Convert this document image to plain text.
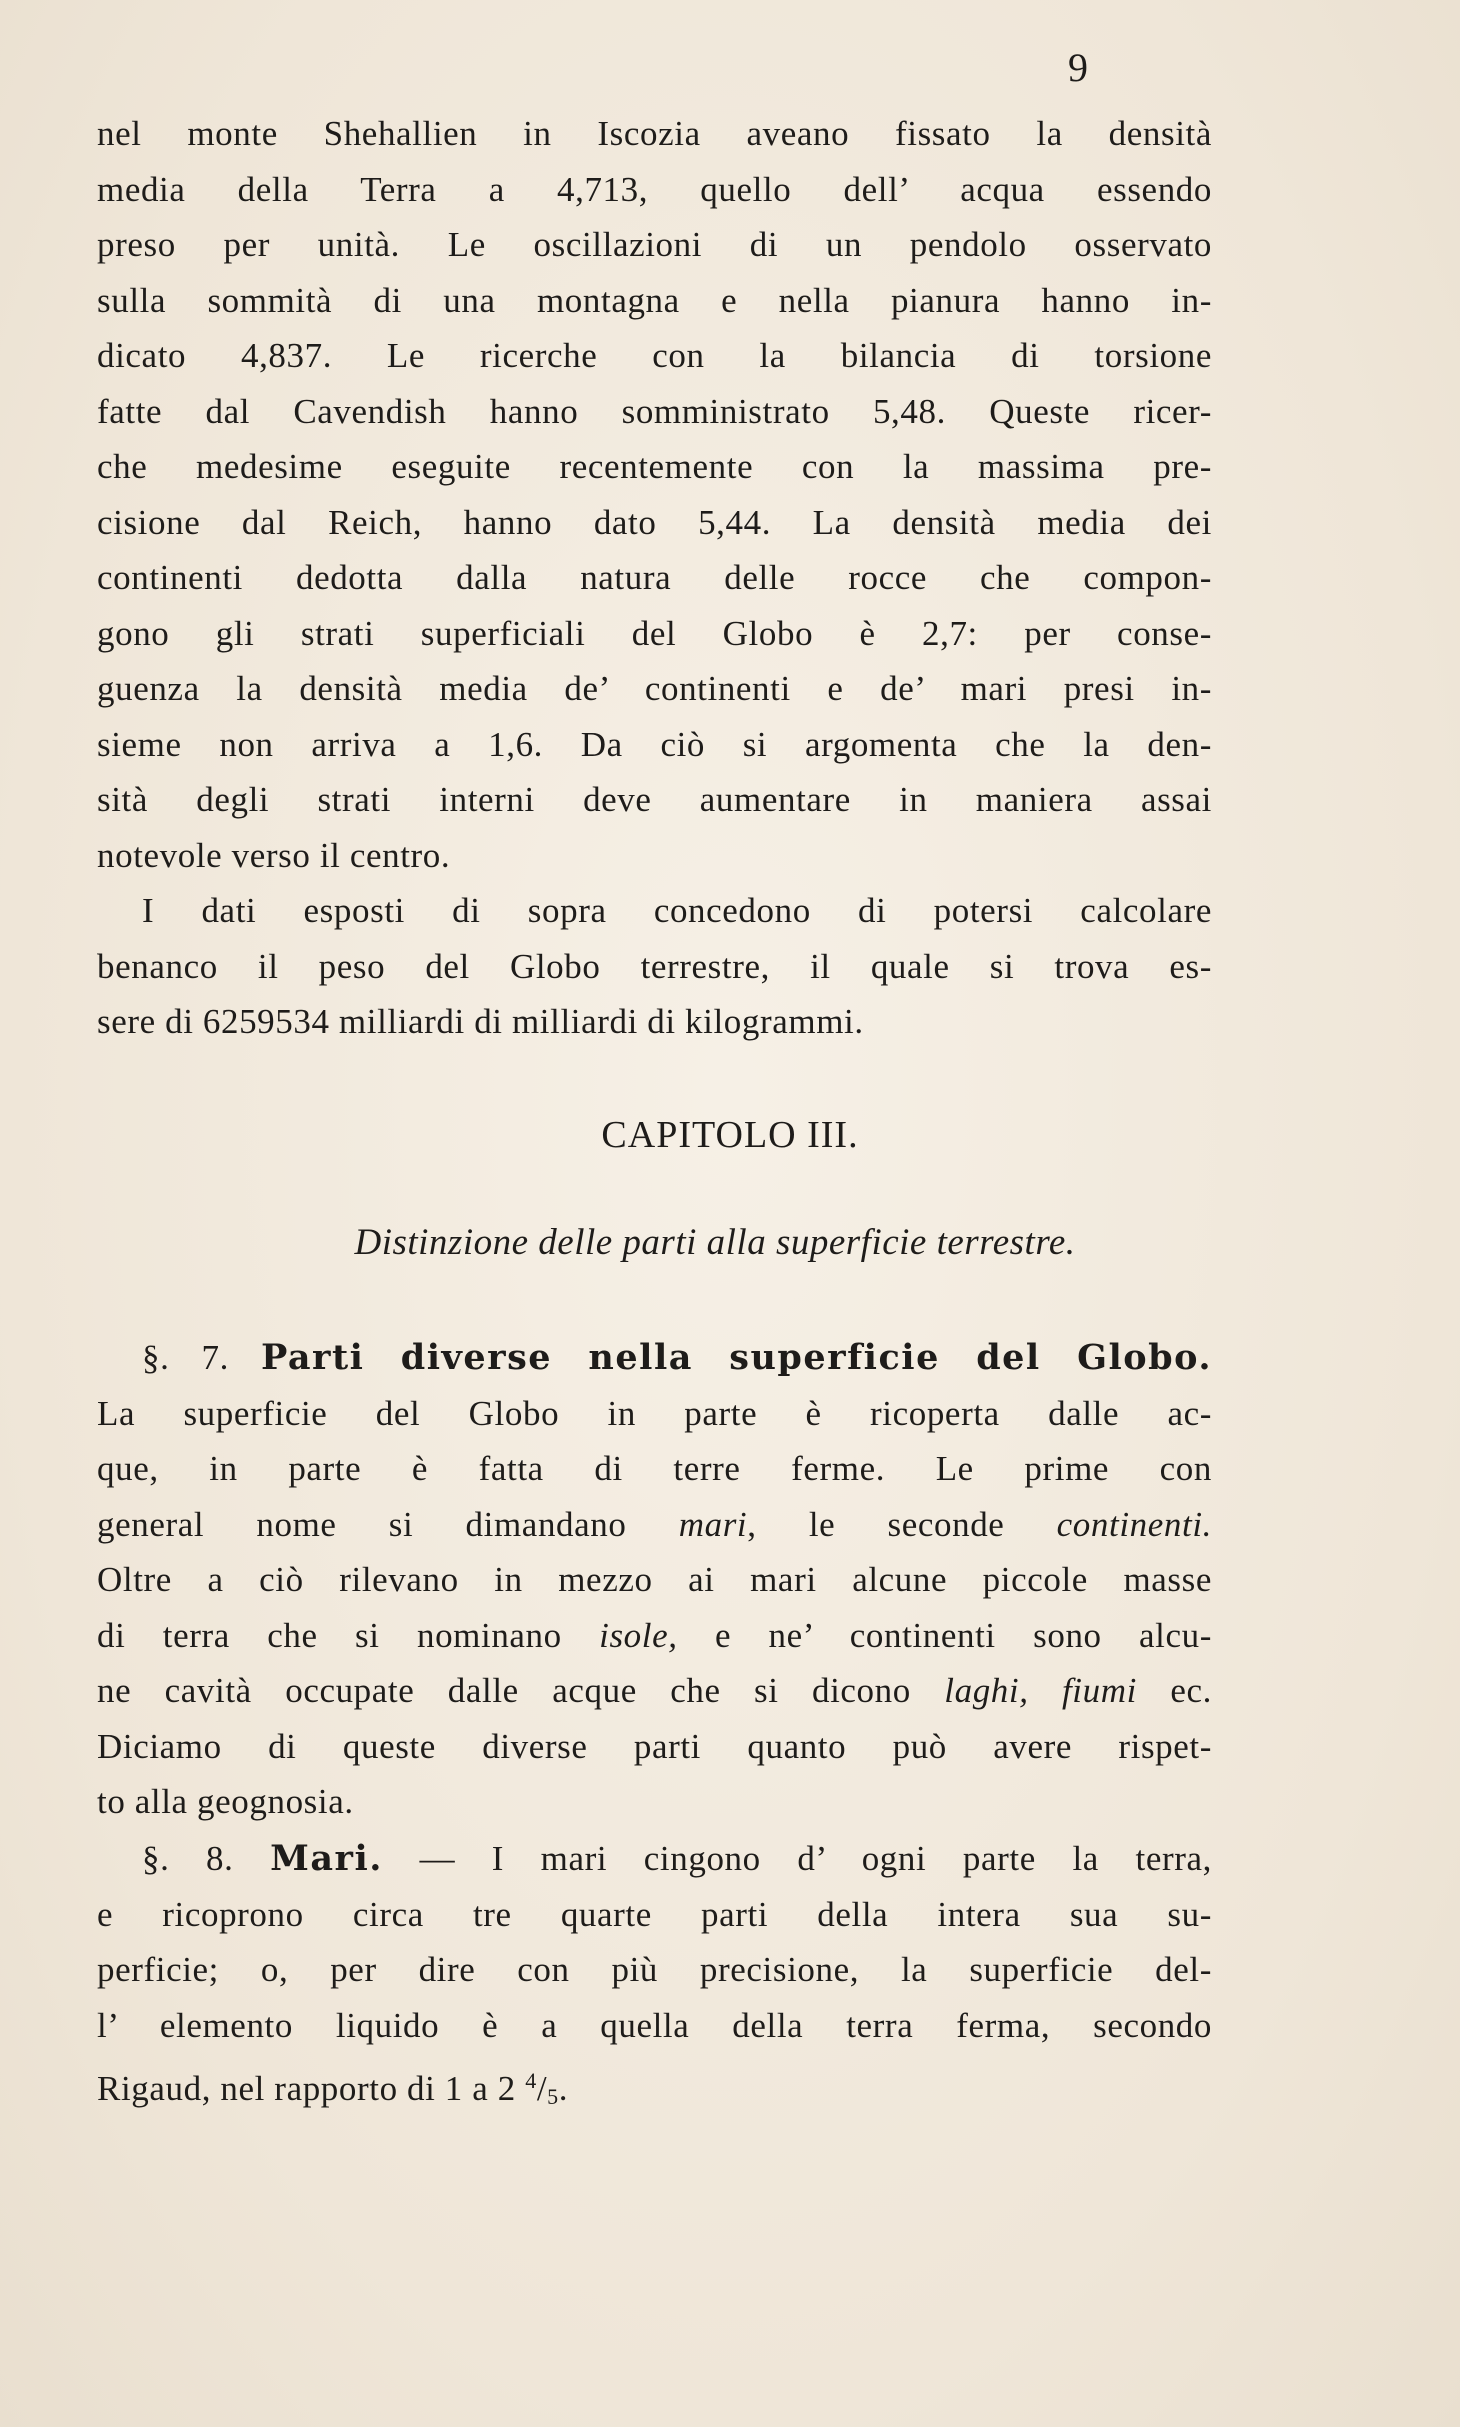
9
nel monte Shehallien in Iscozia aveano fissato la densità
media della Terra a 4,713, quello dell’ acqua essendo
preso per unità. Le oscillazioni di un pendolo osservato
sulla sommità di una montagna e nella pianura hanno in-
dicato 4,837. Le ricerche con la bilancia di torsione
fatte dal Cavendish hanno somministrato 5,48. Queste ricer-
che medesime eseguite recentemente con la massima pre-
cisione dal Reich, hanno dato 5,44. La densità media dei
continenti dedotta dalla natura delle rocce che compon-
gono gli strati superficiali del Globo è 2,7: per conse-
guenza la densità media de’ continenti e de’ mari presi in-
sieme non arriva a 1,6. Da ciò si argomenta che la den-
sità degli strati interni deve aumentare in maniera assai
notevole verso il centro.
I dati esposti di sopra concedono di potersi calcolare
benanco il peso del Globo terrestre, il quale si trova es-
sere di 6259534 milliardi di milliardi di kilogrammi.
CAPITOLO III.
Distinzione delle parti alla superficie terrestre.
§. 7. Parti diverse nella superficie del Globo.
La superficie del Globo in parte è ricoperta dalle ac-
que, in parte è fatta di terre ferme. Le prime con
general nome si dimandano mari, le seconde continenti.
Oltre a ciò rilevano in mezzo ai mari alcune piccole masse
di terra che si nominano isole, e ne’ continenti sono alcu-
ne cavità occupate dalle acque che si dicono laghi, fiumi ec.
Diciamo di queste diverse parti quanto può avere rispet-
to alla geognosia.
§. 8. Mari. — I mari cingono d’ ogni parte la terra,
e ricoprono circa tre quarte parti della intera sua su-
perficie; o, per dire con più precisione, la superficie del-
l’ elemento liquido è a quella della terra ferma, secondo
Rigaud, nel rapporto di 1 a 2 $^4/_5$.
